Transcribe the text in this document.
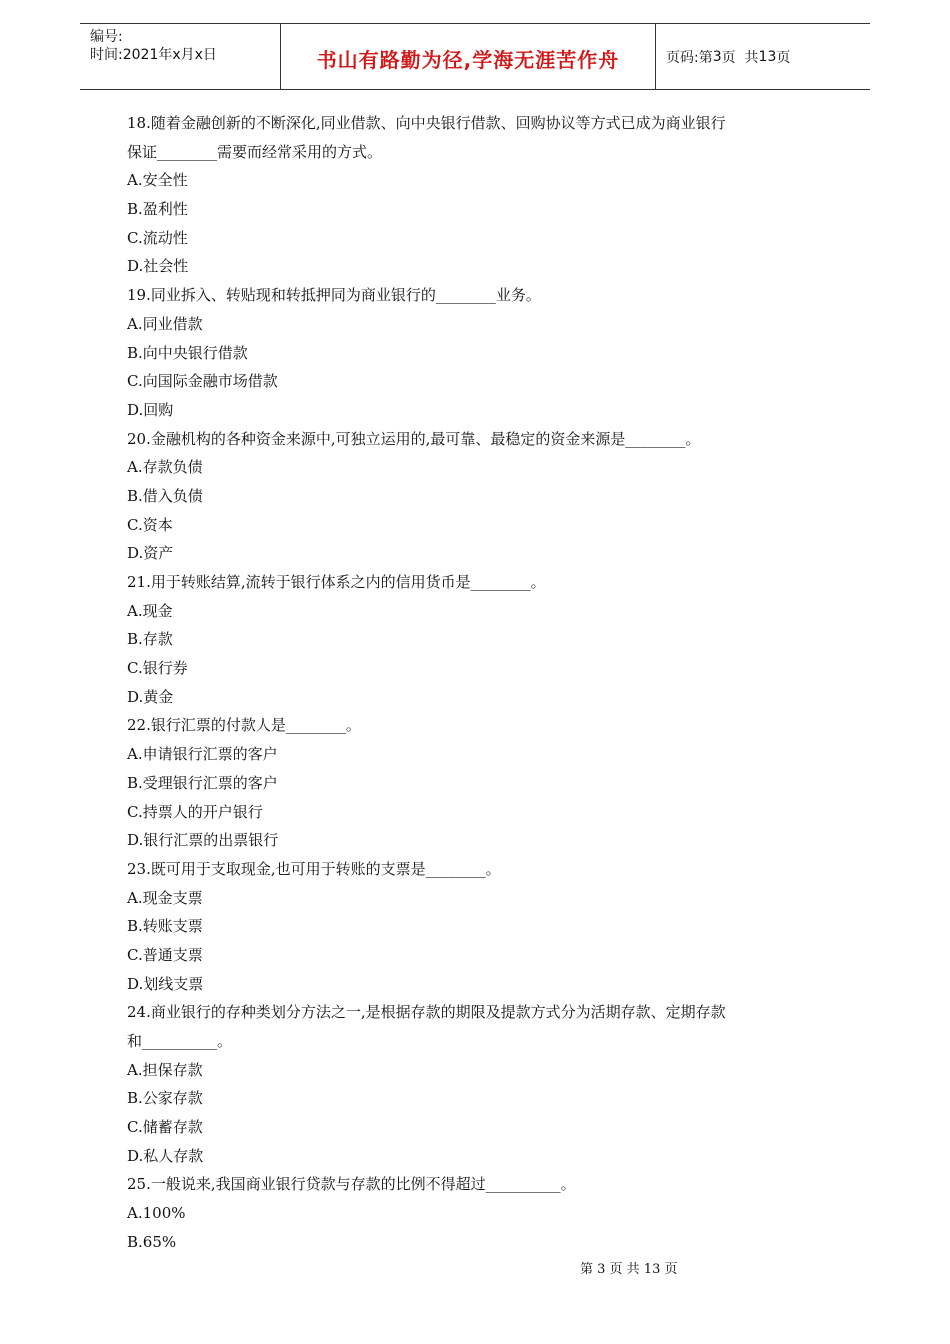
编号:
时间:2021年x月x日	书山有路勤为径,学海无涯苦作舟	页码:第 3 页  共 13 页
18.随着金融创新的不断深化,同业借款、向中央银行借款、回购协议等方式已成为商业银行
保证________需要而经常采用的方式。
A.安全性
B.盈利性
C.流动性
D.社会性
19.同业拆入、转贴现和转抵押同为商业银行的________业务。
A.同业借款
B.向中央银行借款
C.向国际金融市场借款
D.回购
20.金融机构的各种资金来源中,可独立运用的,最可靠、最稳定的资金来源是________。
A.存款负债
B.借入负债
C.资本
D.资产
21.用于转账结算,流转于银行体系之内的信用货币是________。
A.现金
B.存款
C.银行券
D.黄金
22.银行汇票的付款人是________。
A.申请银行汇票的客户
B.受理银行汇票的客户
C.持票人的开户银行
D.银行汇票的出票银行
23.既可用于支取现金,也可用于转账的支票是________。
A.现金支票
B.转账支票
C.普通支票
D.划线支票
24.商业银行的存种类划分方法之一,是根据存款的期限及提款方式分为活期存款、定期存款
和__________。
A.担保存款
B.公家存款
C.储蓄存款
D.私人存款
25.一般说来,我国商业银行贷款与存款的比例不得超过__________。
A.100%
B.65%
第 3 页 共 13 页
